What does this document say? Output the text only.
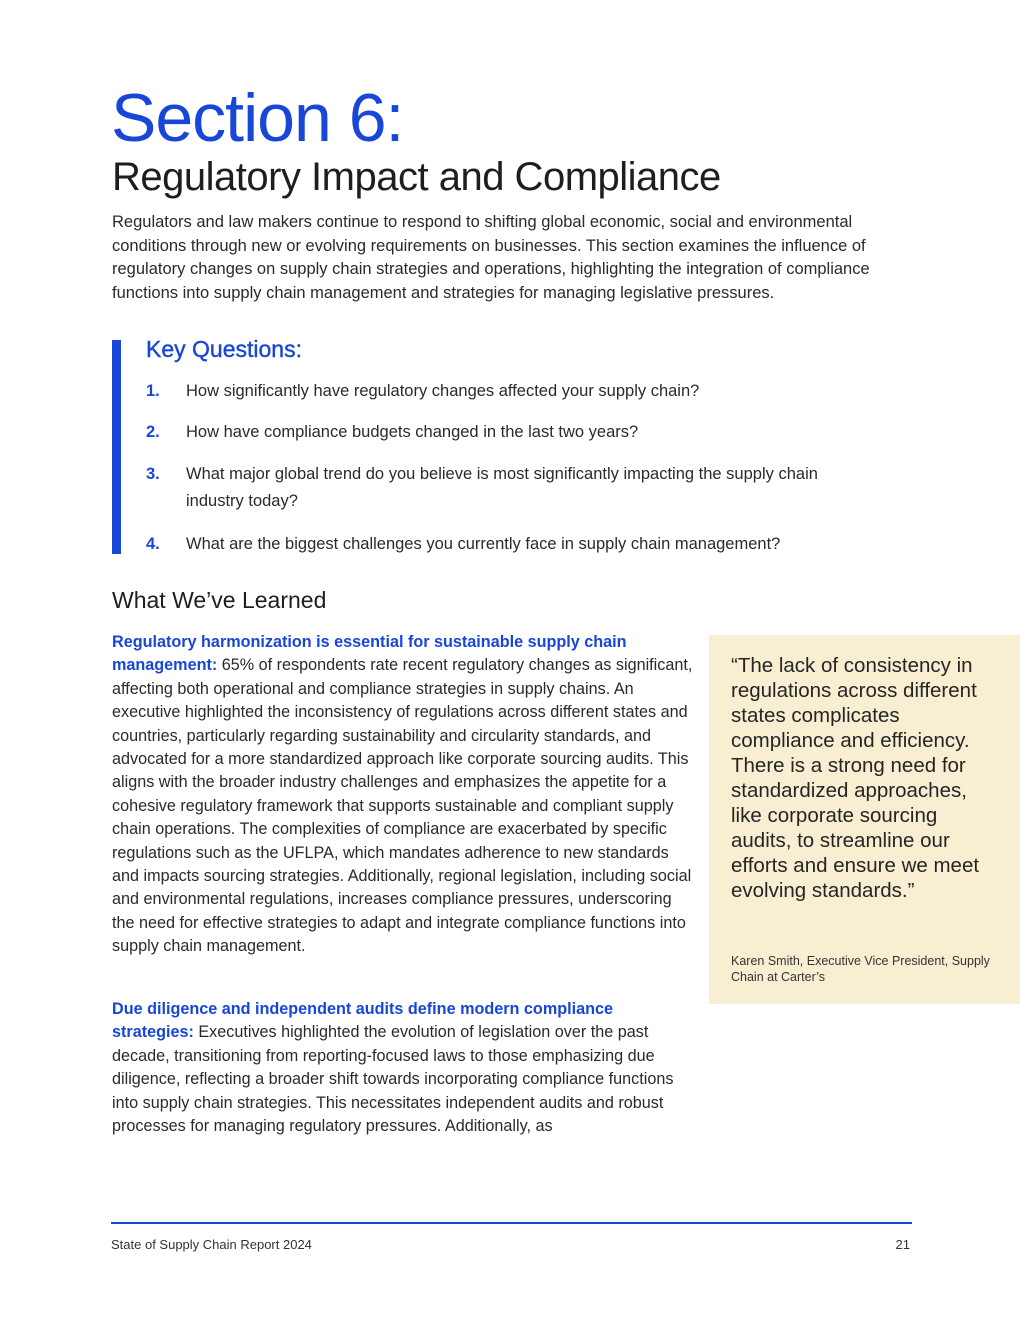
Section 6:
Regulatory Impact and Compliance

Regulators and law makers continue to respond to shifting global economic, social and environmental conditions through new or evolving requirements on businesses. This section examines the influence of regulatory changes on supply chain strategies and operations, highlighting the integration of compliance functions into supply chain management and strategies for managing legislative pressures.

Key Questions:
1.	How significantly have regulatory changes affected your supply chain?
2.	How have compliance budgets changed in the last two years?
3.	What major global trend do you believe is most significantly impacting the supply chain industry today?
4.	What are the biggest challenges you currently face in supply chain management?
What We’ve Learned

Regulatory harmonization is essential for sustainable supply chain management: 65% of respondents rate recent regulatory changes as significant, affecting both operational and compliance strategies in supply chains. An executive highlighted the inconsistency of regulations across different states and countries, particularly regarding sustainability and circularity standards, and advocated for a more standardized approach like corporate sourcing audits. This aligns with the broader industry challenges and emphasizes the appetite for a cohesive regulatory framework that supports sustainable and compliant supply chain operations. The complexities of compliance are exacerbated by specific regulations such as the UFLPA, which mandates adherence to new standards and impacts sourcing strategies. Additionally, regional legislation, including social and environmental regulations, increases compliance pressures, underscoring the need for effective strategies to adapt and integrate compliance functions into supply chain management.

Due diligence and independent audits define modern compliance strategies: Executives highlighted the evolution of legislation over the past decade, transitioning from reporting-focused laws to those emphasizing due diligence, reflecting a broader shift towards incorporating compliance functions into supply chain strategies. This necessitates independent audits and robust processes for managing regulatory pressures. Additionally, as

“The lack of consistency in regulations across different states complicates compliance and efficiency. There is a strong need for standardized approaches, like corporate sourcing audits, to streamline our efforts and ensure we meet evolving standards.”

Karen Smith, Executive Vice President, Supply Chain at Carter’s

State of Supply Chain Report 2024	21
